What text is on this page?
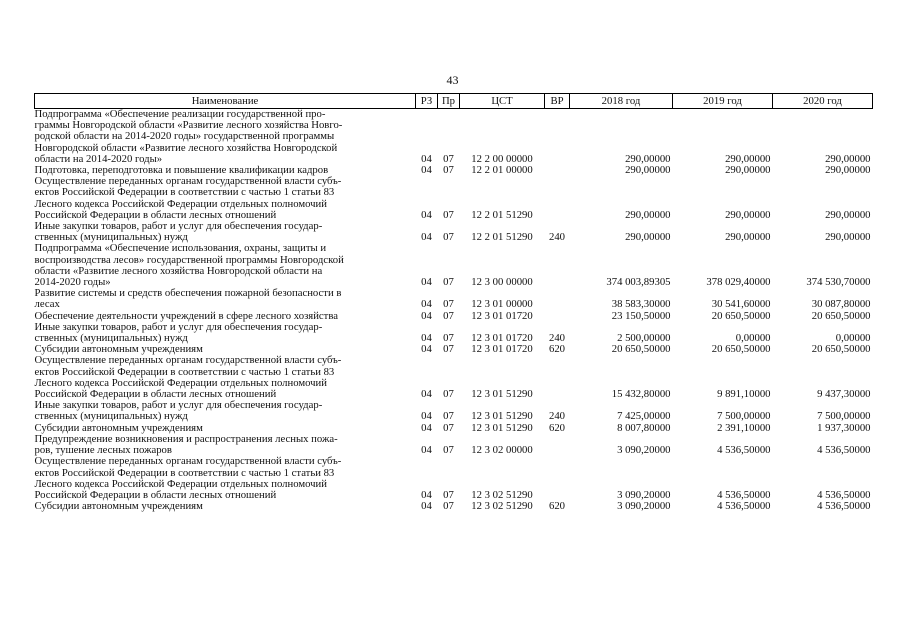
43
Наименование	РЗ	Пр	ЦСТ	ВР	2018 год	2019 год	2020 год
Подпрограмма «Обеспечение реализации государственной про-
граммы Новгородской области «Развитие лесного хозяйства Новго-
родской области на 2014-2020 годы» государственной программы
Новгородской области «Развитие лесного хозяйства Новгородской
области на 2014-2020 годы»	04	07	12 2 00 00000		290,00000	290,00000	290,00000
Подготовка, переподготовка и повышение квалификации кадров	04	07	12 2 01 00000		290,00000	290,00000	290,00000
Осуществление переданных органам государственной власти субъ-
ектов Российской Федерации в соответствии с частью 1 статьи 83
Лесного кодекса Российской Федерации отдельных полномочий
Российской Федерации в области лесных отношений	04	07	12 2 01 51290		290,00000	290,00000	290,00000
Иные закупки товаров, работ и услуг для обеспечения государ-
ственных (муниципальных) нужд	04	07	12 2 01 51290	240	290,00000	290,00000	290,00000
Подпрограмма «Обеспечение использования, охраны, защиты и
воспроизводства лесов» государственной программы Новгородской
области «Развитие лесного хозяйства Новгородской области на
2014-2020 годы»	04	07	12 3 00 00000		374 003,89305	378 029,40000	374 530,70000
Развитие системы и средств обеспечения пожарной безопасности в
лесах	04	07	12 3 01 00000		38 583,30000	30 541,60000	30 087,80000
Обеспечение деятельности учреждений в сфере лесного хозяйства	04	07	12 3 01 01720		23 150,50000	20 650,50000	20 650,50000
Иные закупки товаров, работ и услуг для обеспечения государ-
ственных (муниципальных) нужд	04	07	12 3 01 01720	240	2 500,00000	0,00000	0,00000
Субсидии автономным учреждениям	04	07	12 3 01 01720	620	20 650,50000	20 650,50000	20 650,50000
Осуществление переданных органам государственной власти субъ-
ектов Российской Федерации в соответствии с частью 1 статьи 83
Лесного кодекса Российской Федерации отдельных полномочий
Российской Федерации в области лесных отношений	04	07	12 3 01 51290		15 432,80000	9 891,10000	9 437,30000
Иные закупки товаров, работ и услуг для обеспечения государ-
ственных (муниципальных) нужд	04	07	12 3 01 51290	240	7 425,00000	7 500,00000	7 500,00000
Субсидии автономным учреждениям	04	07	12 3 01 51290	620	8 007,80000	2 391,10000	1 937,30000
Предупреждение возникновения и распространения лесных пожа-
ров, тушение лесных пожаров	04	07	12 3 02 00000		3 090,20000	4 536,50000	4 536,50000
Осуществление переданных органам государственной власти субъ-
ектов Российской Федерации в соответствии с частью 1 статьи 83
Лесного кодекса Российской Федерации отдельных полномочий
Российской Федерации в области лесных отношений	04	07	12 3 02 51290		3 090,20000	4 536,50000	4 536,50000
Субсидии автономным учреждениям	04	07	12 3 02 51290	620	3 090,20000	4 536,50000	4 536,50000
